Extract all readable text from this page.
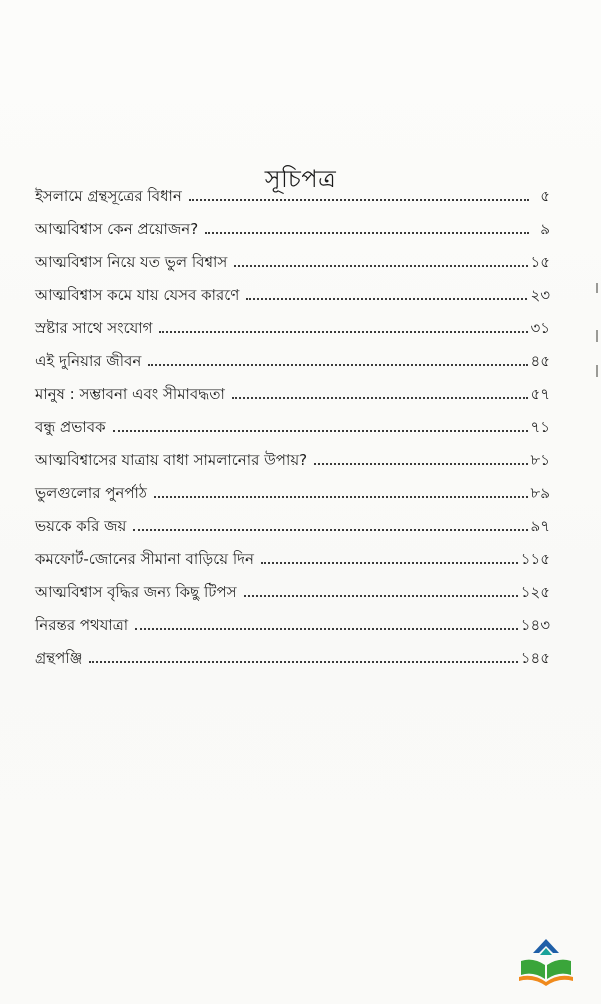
সূচিপত্র
ইসলামে গ্রন্থসূত্রের বিধান	৫
আত্মবিশ্বাস কেন প্রয়োজন?	৯
আত্মবিশ্বাস নিয়ে যত ভুল বিশ্বাস	১৫
আত্মবিশ্বাস কমে যায় যেসব কারণে	২৩
স্রষ্টার সাথে সংযোগ	৩১
এই দুনিয়ার জীবন	৪৫
মানুষ : সম্ভাবনা এবং সীমাবদ্ধতা	৫৭
বন্ধু প্রভাবক	৭১
আত্মবিশ্বাসের যাত্রায় বাধা সামলানোর উপায়?	৮১
ভুলগুলোর পুনর্পাঠ	৮৯
ভয়কে করি জয়	৯৭
কমফোর্ট-জোনের সীমানা বাড়িয়ে দিন	১১৫
আত্মবিশ্বাস বৃদ্ধির জন্য কিছু টিপস	১২৫
নিরন্তর পথযাত্রা	১৪৩
গ্রন্থপঞ্জি	১৪৫
